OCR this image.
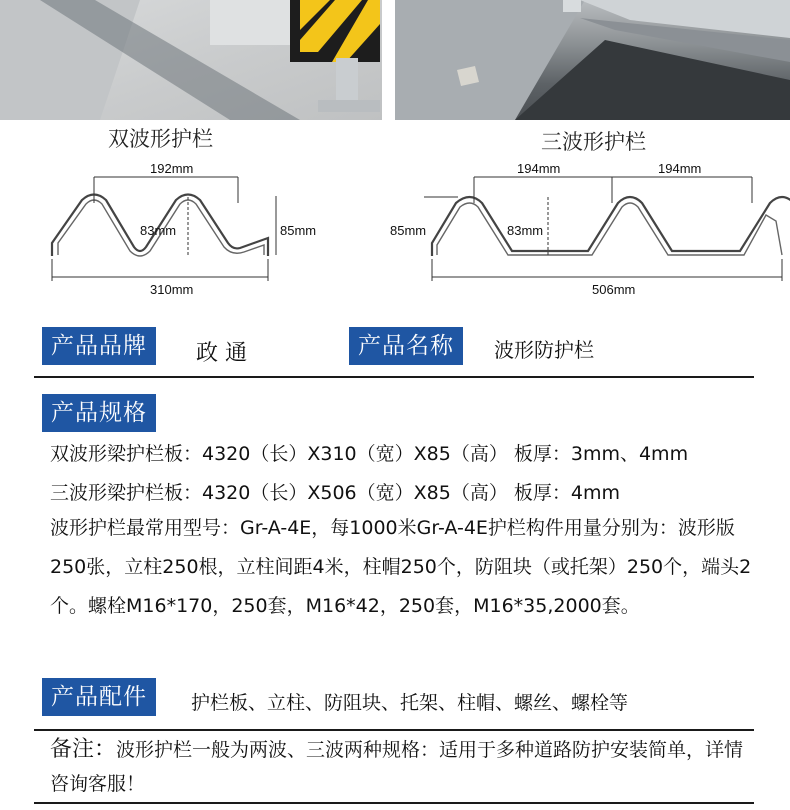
双波形护栏	三波形护栏
192mm
83mm	85mm
310mm
194mm	194mm
85mm	83mm
506mm
产品品牌	政 通	产品名称	波形防护栏
产品规格
双波形梁护栏板：4320（长）X310（宽）X85（高） 板厚：3mm、4mm
三波形梁护栏板：4320（长）X506（宽）X85（高） 板厚：4mm
波形护栏最常用型号：Gr-A-4E，每1000米Gr-A-4E护栏构件用量分别为：波形版250张，立柱250根，立柱间距4米，柱帽250个，防阻块（或托架）250个，端头2个。螺栓M16*170，250套，M16*42，250套，M16*35,2000套。
产品配件	护栏板、立柱、防阻块、托架、柱帽、螺丝、螺栓等
备注：波形护栏一般为两波、三波两种规格：适用于多种道路防护安装简单，详情咨询客服！
